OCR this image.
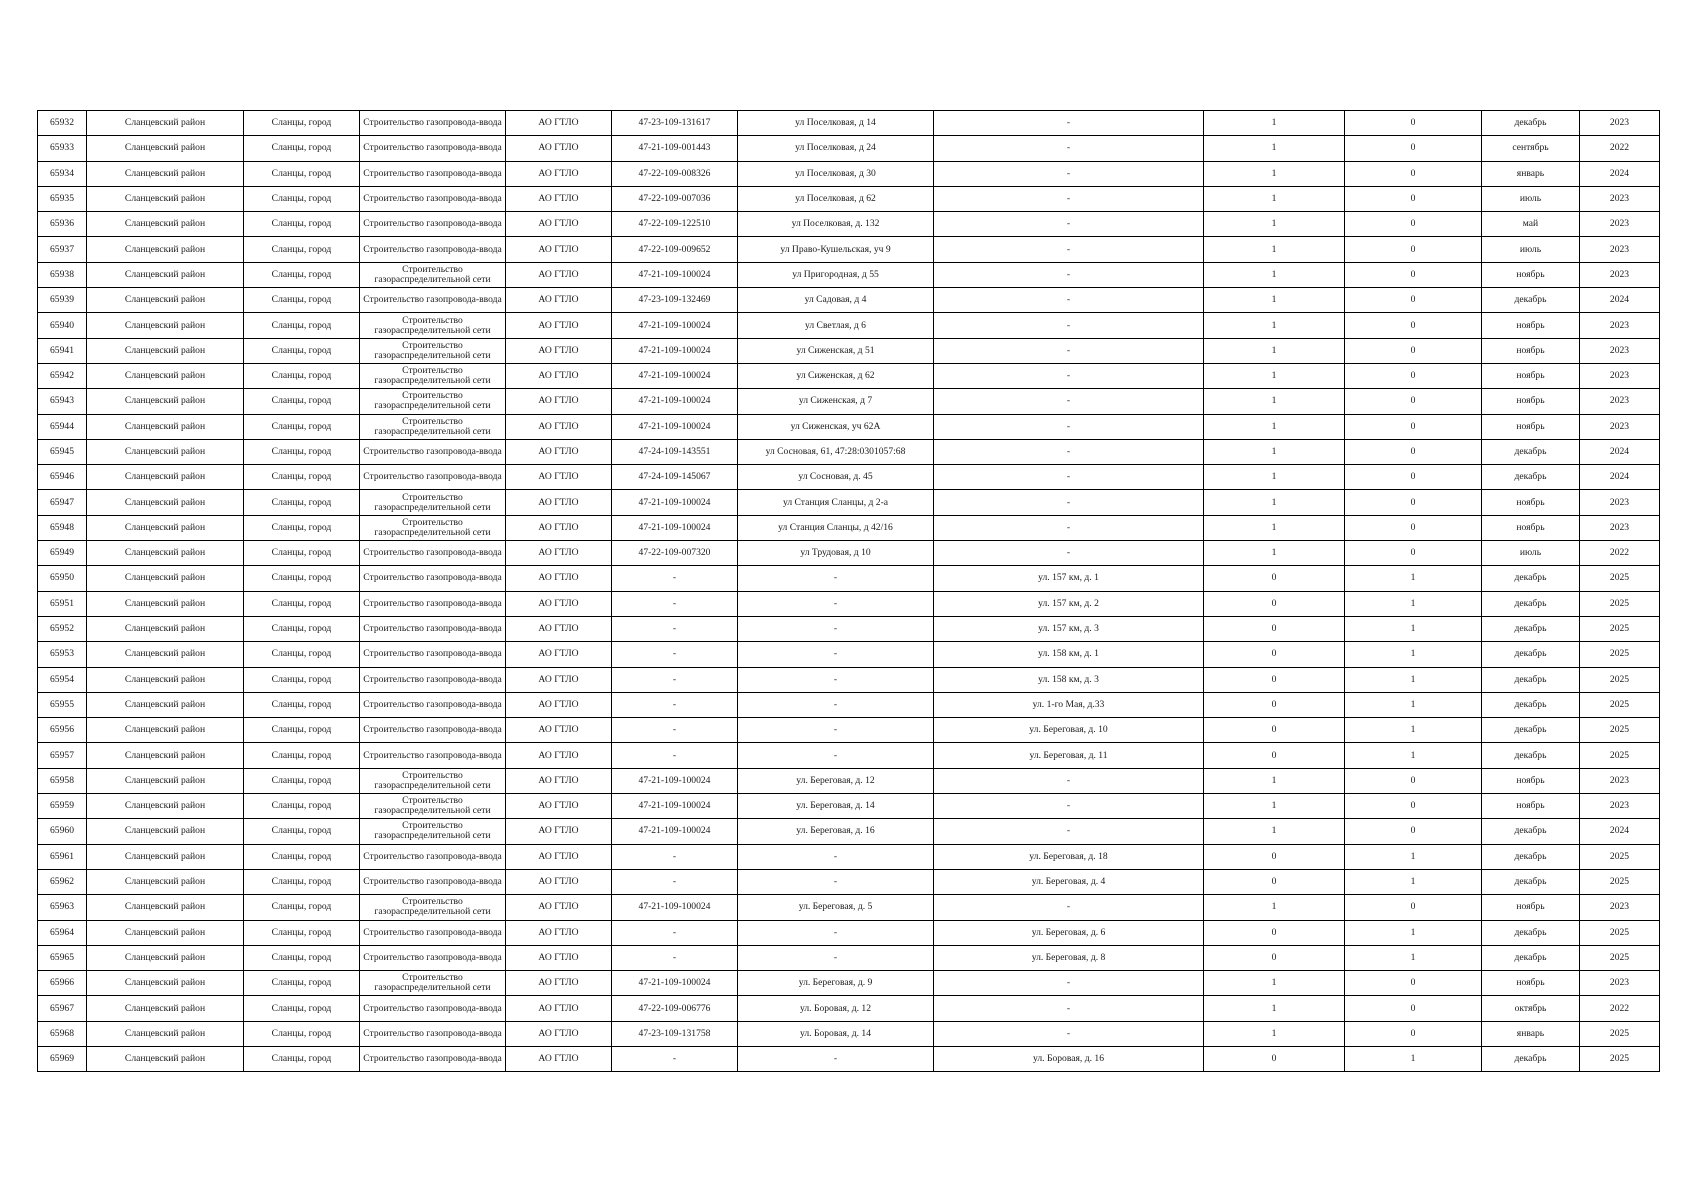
65932	Сланцевский район	Сланцы, город	Строительство газопровода-ввода	АО ГТЛО	47-23-109-131617	ул Поселковая, д 14	-	1	0	декабрь	2023
65933	Сланцевский район	Сланцы, город	Строительство газопровода-ввода	АО ГТЛО	47-21-109-001443	ул Поселковая, д 24	-	1	0	сентябрь	2022
65934	Сланцевский район	Сланцы, город	Строительство газопровода-ввода	АО ГТЛО	47-22-109-008326	ул Поселковая, д 30	-	1	0	январь	2024
65935	Сланцевский район	Сланцы, город	Строительство газопровода-ввода	АО ГТЛО	47-22-109-007036	ул Поселковая, д 62	-	1	0	июль	2023
65936	Сланцевский район	Сланцы, город	Строительство газопровода-ввода	АО ГТЛО	47-22-109-122510	ул Поселковая, д. 132	-	1	0	май	2023
65937	Сланцевский район	Сланцы, город	Строительство газопровода-ввода	АО ГТЛО	47-22-109-009652	ул Право-Кушельская, уч 9	-	1	0	июль	2023
65938	Сланцевский район	Сланцы, город	Строительство газораспределительной сети	АО ГТЛО	47-21-109-100024	ул Пригородная, д 55	-	1	0	ноябрь	2023
65939	Сланцевский район	Сланцы, город	Строительство газопровода-ввода	АО ГТЛО	47-23-109-132469	ул Садовая, д 4	-	1	0	декабрь	2024
65940	Сланцевский район	Сланцы, город	Строительство газораспределительной сети	АО ГТЛО	47-21-109-100024	ул Светлая, д 6	-	1	0	ноябрь	2023
65941	Сланцевский район	Сланцы, город	Строительство газораспределительной сети	АО ГТЛО	47-21-109-100024	ул Сиженская, д 51	-	1	0	ноябрь	2023
65942	Сланцевский район	Сланцы, город	Строительство газораспределительной сети	АО ГТЛО	47-21-109-100024	ул Сиженская, д 62	-	1	0	ноябрь	2023
65943	Сланцевский район	Сланцы, город	Строительство газораспределительной сети	АО ГТЛО	47-21-109-100024	ул Сиженская, д 7	-	1	0	ноябрь	2023
65944	Сланцевский район	Сланцы, город	Строительство газораспределительной сети	АО ГТЛО	47-21-109-100024	ул Сиженская, уч 62А	-	1	0	ноябрь	2023
65945	Сланцевский район	Сланцы, город	Строительство газопровода-ввода	АО ГТЛО	47-24-109-143551	ул Сосновая, 61, 47:28:0301057:68	-	1	0	декабрь	2024
65946	Сланцевский район	Сланцы, город	Строительство газопровода-ввода	АО ГТЛО	47-24-109-145067	ул Сосновая, д. 45	-	1	0	декабрь	2024
65947	Сланцевский район	Сланцы, город	Строительство газораспределительной сети	АО ГТЛО	47-21-109-100024	ул Станция Сланцы, д 2-а	-	1	0	ноябрь	2023
65948	Сланцевский район	Сланцы, город	Строительство газораспределительной сети	АО ГТЛО	47-21-109-100024	ул Станция Сланцы, д 42/16	-	1	0	ноябрь	2023
65949	Сланцевский район	Сланцы, город	Строительство газопровода-ввода	АО ГТЛО	47-22-109-007320	ул Трудовая, д 10	-	1	0	июль	2022
65950	Сланцевский район	Сланцы, город	Строительство газопровода-ввода	АО ГТЛО	-	-	ул. 157 км, д. 1	0	1	декабрь	2025
65951	Сланцевский район	Сланцы, город	Строительство газопровода-ввода	АО ГТЛО	-	-	ул. 157 км, д. 2	0	1	декабрь	2025
65952	Сланцевский район	Сланцы, город	Строительство газопровода-ввода	АО ГТЛО	-	-	ул. 157 км, д. 3	0	1	декабрь	2025
65953	Сланцевский район	Сланцы, город	Строительство газопровода-ввода	АО ГТЛО	-	-	ул. 158 км, д. 1	0	1	декабрь	2025
65954	Сланцевский район	Сланцы, город	Строительство газопровода-ввода	АО ГТЛО	-	-	ул. 158 км, д. 3	0	1	декабрь	2025
65955	Сланцевский район	Сланцы, город	Строительство газопровода-ввода	АО ГТЛО	-	-	ул. 1-го Мая, д.33	0	1	декабрь	2025
65956	Сланцевский район	Сланцы, город	Строительство газопровода-ввода	АО ГТЛО	-	-	ул. Береговая, д. 10	0	1	декабрь	2025
65957	Сланцевский район	Сланцы, город	Строительство газопровода-ввода	АО ГТЛО	-	-	ул. Береговая, д. 11	0	1	декабрь	2025
65958	Сланцевский район	Сланцы, город	Строительство газораспределительной сети	АО ГТЛО	47-21-109-100024	ул. Береговая, д. 12	-	1	0	ноябрь	2023
65959	Сланцевский район	Сланцы, город	Строительство газораспределительной сети	АО ГТЛО	47-21-109-100024	ул. Береговая, д. 14	-	1	0	ноябрь	2023
65960	Сланцевский район	Сланцы, город	Строительство газораспределительной сети	АО ГТЛО	47-21-109-100024	ул. Береговая, д. 16	-	1	0	декабрь	2024
65961	Сланцевский район	Сланцы, город	Строительство газопровода-ввода	АО ГТЛО	-	-	ул. Береговая, д. 18	0	1	декабрь	2025
65962	Сланцевский район	Сланцы, город	Строительство газопровода-ввода	АО ГТЛО	-	-	ул. Береговая, д. 4	0	1	декабрь	2025
65963	Сланцевский район	Сланцы, город	Строительство газораспределительной сети	АО ГТЛО	47-21-109-100024	ул. Береговая, д. 5	-	1	0	ноябрь	2023
65964	Сланцевский район	Сланцы, город	Строительство газопровода-ввода	АО ГТЛО	-	-	ул. Береговая, д. 6	0	1	декабрь	2025
65965	Сланцевский район	Сланцы, город	Строительство газопровода-ввода	АО ГТЛО	-	-	ул. Береговая, д. 8	0	1	декабрь	2025
65966	Сланцевский район	Сланцы, город	Строительство газораспределительной сети	АО ГТЛО	47-21-109-100024	ул. Береговая, д. 9	-	1	0	ноябрь	2023
65967	Сланцевский район	Сланцы, город	Строительство газопровода-ввода	АО ГТЛО	47-22-109-006776	ул. Боровая, д. 12	-	1	0	октябрь	2022
65968	Сланцевский район	Сланцы, город	Строительство газопровода-ввода	АО ГТЛО	47-23-109-131758	ул. Боровая, д. 14	-	1	0	январь	2025
65969	Сланцевский район	Сланцы, город	Строительство газопровода-ввода	АО ГТЛО	-	-	ул. Боровая, д. 16	0	1	декабрь	2025
